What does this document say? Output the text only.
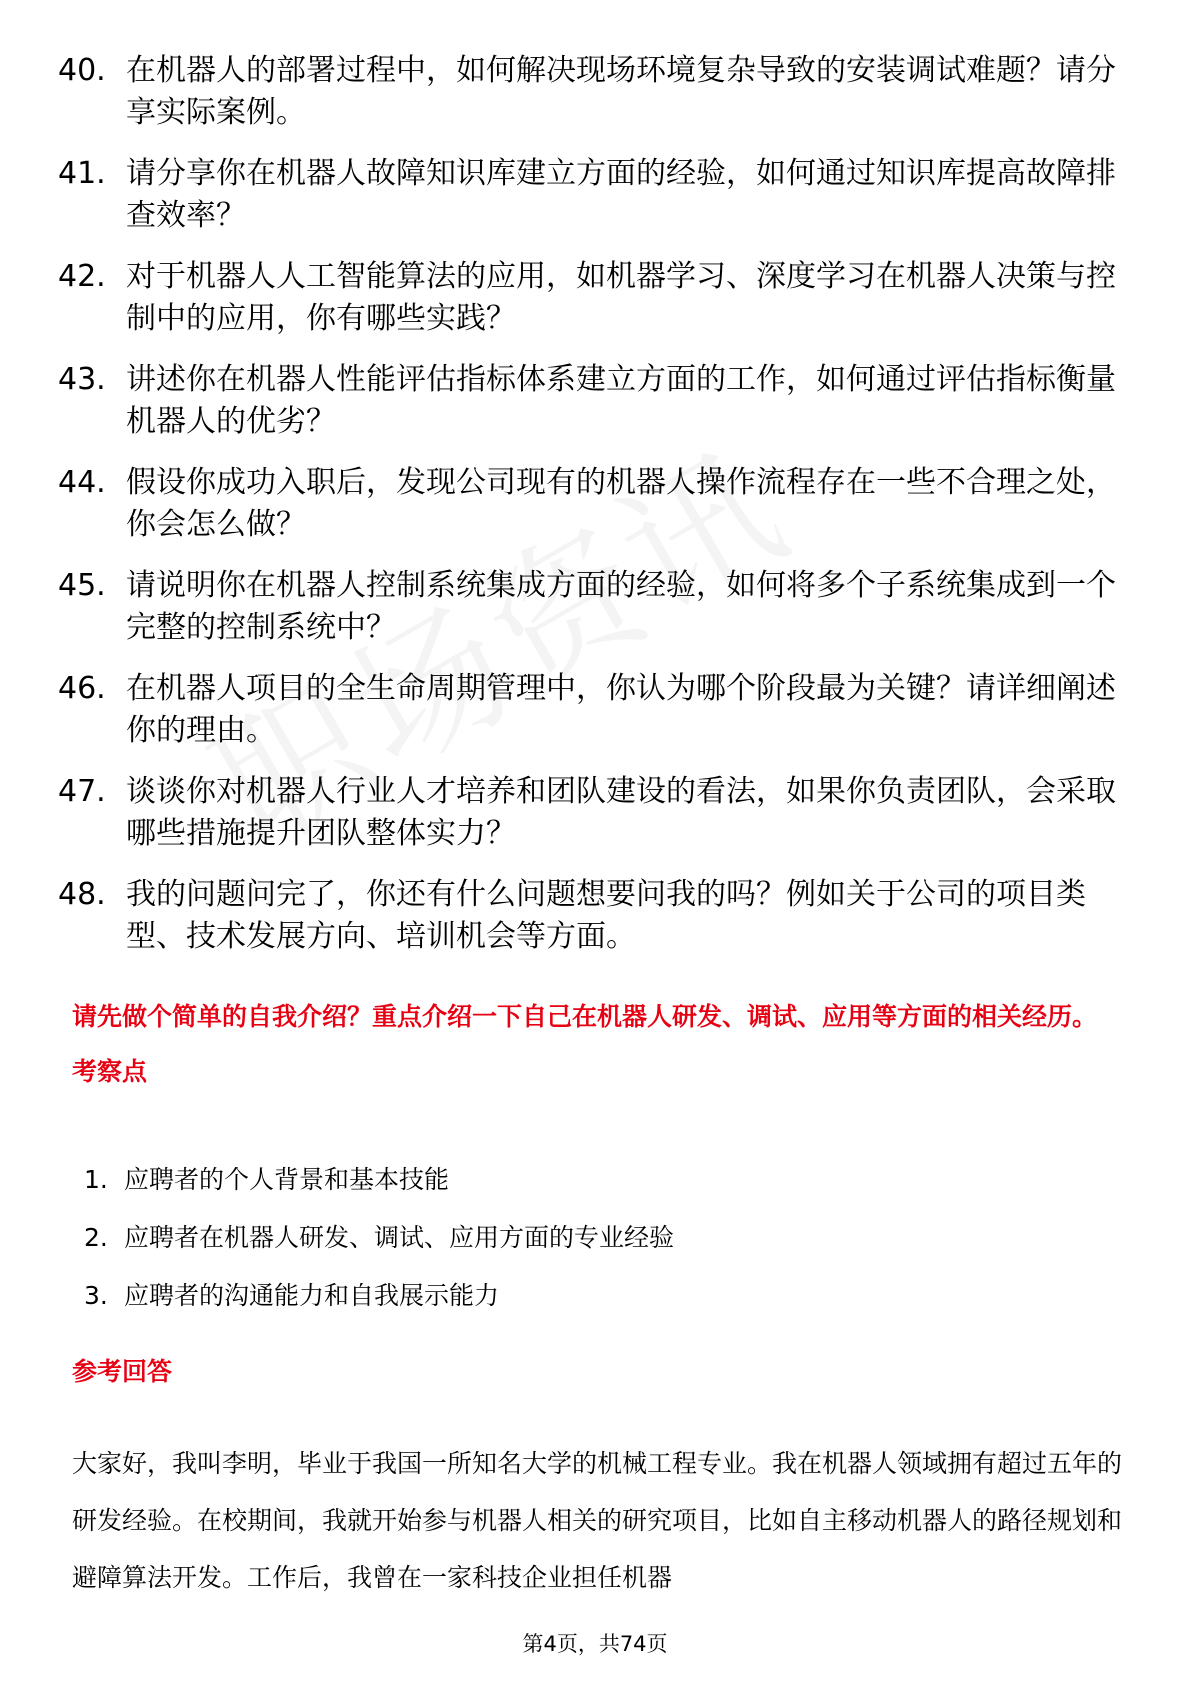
40. 在机器人的部署过程中，如何解决现场环境复杂导致的安装调试难题？请分享实际案例。
41. 请分享你在机器人故障知识库建立方面的经验，如何通过知识库提高故障排查效率？
42. 对于机器人人工智能算法的应用，如机器学习、深度学习在机器人决策与控制中的应用，你有哪些实践？
43. 讲述你在机器人性能评估指标体系建立方面的工作，如何通过评估指标衡量机器人的优劣？
44. 假设你成功入职后，发现公司现有的机器人操作流程存在一些不合理之处，你会怎么做？
45. 请说明你在机器人控制系统集成方面的经验，如何将多个子系统集成到一个完整的控制系统中？
46. 在机器人项目的全生命周期管理中，你认为哪个阶段最为关键？请详细阐述你的理由。
47. 谈谈你对机器人行业人才培养和团队建设的看法，如果你负责团队，会采取哪些措施提升团队整体实力？
48. 我的问题问完了，你还有什么问题想要问我的吗？例如关于公司的项目类型、技术发展方向、培训机会等方面。

请先做个简单的自我介绍？重点介绍一下自己在机器人研发、调试、应用等方面的相关经历。

考察点
1. 应聘者的个人背景和基本技能
2. 应聘者在机器人研发、调试、应用方面的专业经验
3. 应聘者的沟通能力和自我展示能力
参考回答

大家好，我叫李明，毕业于我国一所知名大学的机械工程专业。我在机器人领域拥有超过五年的研发经验。在校期间，我就开始参与机器人相关的研究项目，比如自主移动机器人的路径规划和避障算法开发。工作后，我曾在一家科技企业担任机器

第4页，共74页
